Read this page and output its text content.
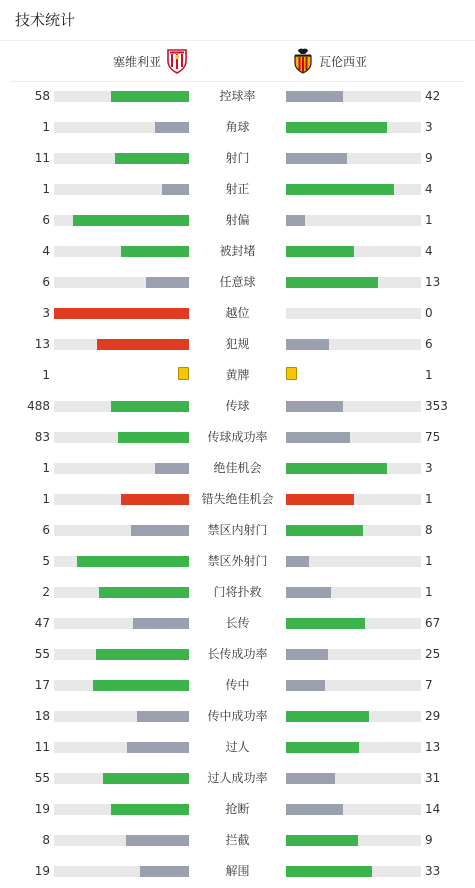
技术统计
塞维利亚	瓦伦西亚
58	控球率	42
1	角球	3
11	射门	9
1	射正	4
6	射偏	1
4	被封堵	4
6	任意球	13
3	越位	0
13	犯规	6
1	黄牌	1
488	传球	353
83	传球成功率	75
1	绝佳机会	3
1	错失绝佳机会	1
6	禁区内射门	8
5	禁区外射门	1
2	门将扑救	1
47	长传	67
55	长传成功率	25
17	传中	7
18	传中成功率	29
11	过人	13
55	过人成功率	31
19	抢断	14
8	拦截	9
19	解围	33
